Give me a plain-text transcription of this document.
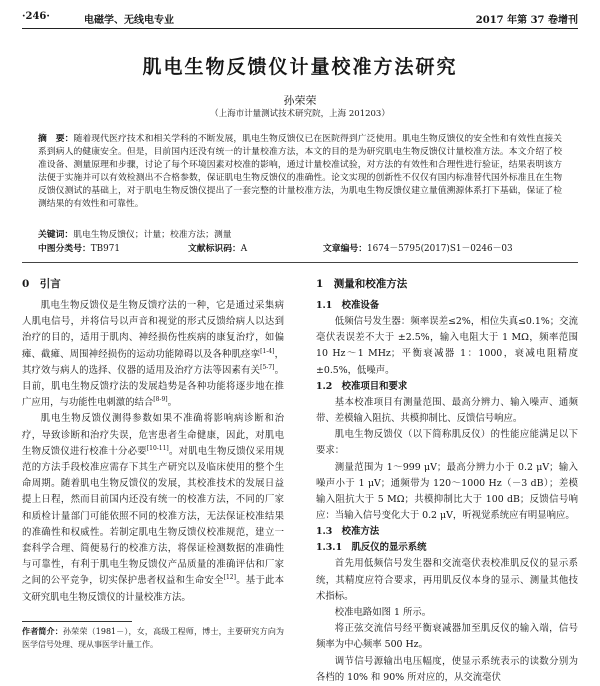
·246·	电磁学、无线电专业	2017 年第 37 卷增刊
肌电生物反馈仪计量校准方法研究
孙荣荣
（上海市计量测试技术研究院，上海 201203）
摘　要：随着现代医疗技术和相关学科的不断发展，肌电生物反馈仪已在医院得到广泛使用。肌电生物反馈仪的安全性和有效性直接关系到病人的健康安全。但是，目前国内还没有统一的计量校准方法，本文的目的是为研究肌电生物反馈仪计量校准方法。本文介绍了校准设备、测量原理和步骤，讨论了每个环境因素对校准的影响，通过计量校准试验，对方法的有效性和合理性进行验证，结果表明该方法便于实施并可以有效检测出不合格参数，保证肌电生物反馈仪的准确性。论文实现的创新性不仅仅有国内标准替代国外标准且在生物反馈仪测试的基础上，对于肌电生物反馈仪提出了一套完整的计量校准方法，为肌电生物反馈仪建立量值溯源体系打下基础，保证了检测结果的有效性和可靠性。
关键词：肌电生物反馈仪；计量；校准方法；测量
中图分类号：TB971	文献标识码：A	文章编号：1674－5795(2017)S1－0246－03
0　引言

肌电生物反馈仪是生物反馈疗法的一种，它是通过采集病人肌电信号，并将信号以声音和视觉的形式反馈给病人以达到治疗的目的，适用于肌肉、神经损伤性疾病的康复治疗，如偏瘫、截瘫、周围神经损伤的运动功能障碍以及各种肌痉挛[1-4]，其疗效与病人的选择、仪器的适用及治疗方法等因素有关[5-7]。目前，肌电生物反馈疗法的发展趋势是各种功能将逐步地在推广应用，与功能性电刺激的结合[8-9]。

肌电生物反馈仪测得参数如果不准确将影响病诊断和治疗，导致诊断和治疗失误，危害患者生命健康，因此，对肌电生物反馈仪进行校准十分必要[10-11]。对肌电生物反馈仪采用规范的方法手段校准应需存下其生产研究以及临床使用的整个生命周期。随着肌电生物反馈仪的发展，其校准技术的发展日益提上日程，然而目前国内还没有统一的校准方法，不同的厂家和质检计量部门可能依照不同的校准方法，无法保证校准结果的准确性和权威性。若制定肌电生物反馈仪校准规范，建立一套科学合理、简便易行的校准方法，将保证检测数据的准确性与可靠性，有利于肌电生物反馈仪产品质量的准确评估和厂家之间的公平竞争，切实保护患者权益和生命安全[12]。基于此本文研究肌电生物反馈仪的计量校准方法。

1　测量和校准方法
1.1　校准设备

低频信号发生器：频率误差≤2%，相位失真≤0.1%；交流毫伏表误差不大于 ±2.5%，输入电阻大于 1 MΩ，频率范围 10 Hz～1 MHz；平衡衰减器 1：1000，衰减电阻精度 ±0.5%，低噪声。

1.2　校准项目和要求

基本校准项目有测量范围、最高分辨力、输入噪声、通频带、差模输入阻抗、共模抑制比、反馈信号响应。

肌电生物反馈仪（以下简称肌反仪）的性能应能满足以下要求：

测量范围为 1～999 μV；最高分辨力小于 0.2 μV；输入噪声小于 1 μV；通频带为 120～1000 Hz（－3 dB）；差模输入阻抗大于 5 MΩ；共模抑制比大于 100 dB；反馈信号响应：当输入信号变化大于 0.2 μV，听视觉系统应有明显响应。

1.3　校准方法
1.3.1　肌反仪的显示系统

首先用低频信号发生器和交流毫伏表校准肌反仪的显示系统，其精度应符合要求，再用肌反仪本身的显示、测量其他技术指标。

校准电路如图 1 所示。

将正弦交流信号经平衡衰减器加至肌反仪的输入端，信号频率为中心频率 500 Hz。

调节信号源输出电压幅度，使显示系统表示的读数分别为各档的 10% 和 90% 所对应的，从交流毫伏

作者简介：孙荣荣（1981－），女，高级工程师，博士，主要研究方向为医学信号处理、现从事医学计量工作。
